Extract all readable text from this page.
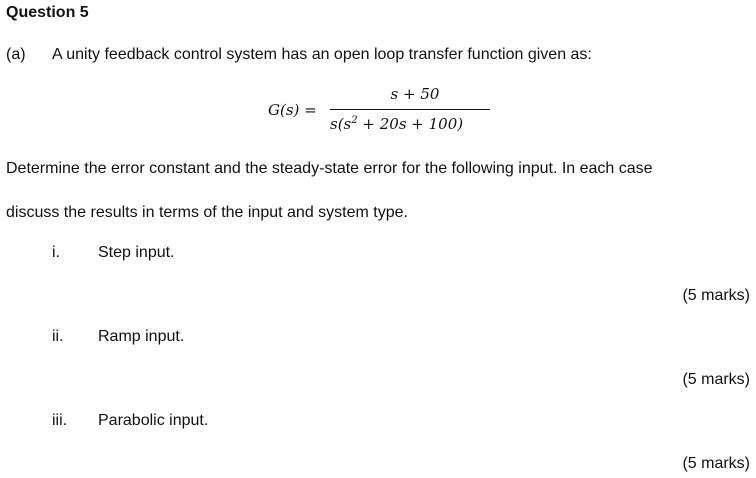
Question 5
(a) A unity feedback control system has an open loop transfer function given as:
G(s) =
s + 50
$s(s^2 + 20s + 100)$
Determine the error constant and the steady-state error for the following input. In each case
discuss the results in terms of the input and system type.
i. Step input.
(5 marks)
ii. Ramp input.
(5 marks)
iii. Parabolic input.
(5 marks)
